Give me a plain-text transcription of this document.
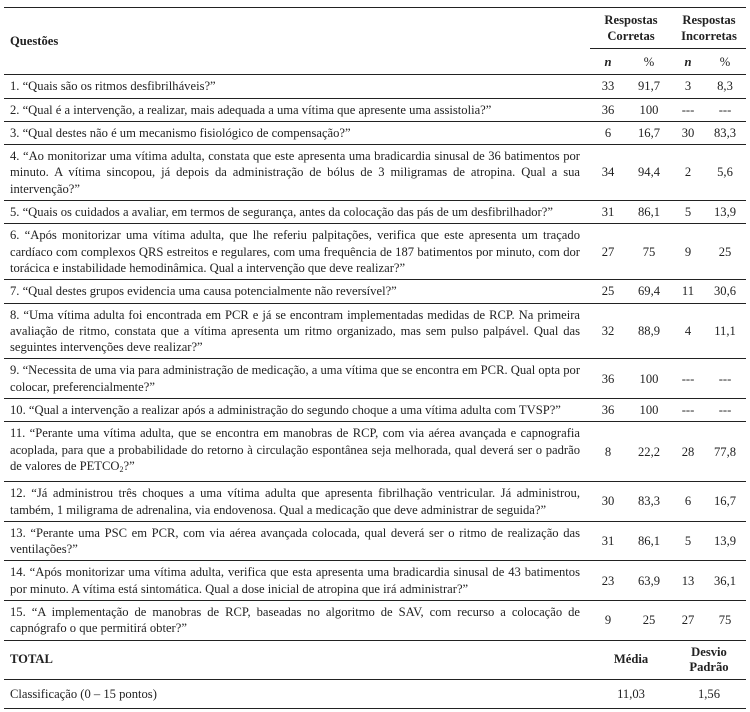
Questões	Respostas Corretas		Respostas Incorretas	
	n	%	n	%
1. “Quais são os ritmos desfibrilháveis?”	33	91,7	3	8,3
2. “Qual é a intervenção, a realizar, mais adequada a uma vítima que apresente uma assistolia?”	36	100	---	---
3. “Qual destes não é um mecanismo fisiológico de compensação?”	6	16,7	30	83,3
4. “Ao monitorizar uma vítima adulta, constata que este apresenta uma bradicardia sinusal de 36 batimentos por minuto. A vítima sincopou, já depois da administração de bólus de 3 miligramas de atropina. Qual a sua intervenção?”	34	94,4	2	5,6
5. “Quais os cuidados a avaliar, em termos de segurança, antes da colocação das pás de um desfibrilhador?”	31	86,1	5	13,9
6. “Após monitorizar uma vítima adulta, que lhe referiu palpitações, verifica que este apresenta um traçado cardíaco com complexos QRS estreitos e regulares, com uma frequência de 187 batimentos por minuto, com dor torácica e instabilidade hemodinâmica. Qual a intervenção que deve realizar?”	27	75	9	25
7. “Qual destes grupos evidencia uma causa potencialmente não reversível?”	25	69,4	11	30,6
8. “Uma vítima adulta foi encontrada em PCR e já se encontram implementadas medidas de RCP. Na primeira avaliação de ritmo, constata que a vítima apresenta um ritmo organizado, mas sem pulso palpável. Qual das seguintes intervenções deve realizar?”	32	88,9	4	11,1
9. “Necessita de uma via para administração de medicação, a uma vítima que se encontra em PCR. Qual opta por colocar, preferencialmente?”	36	100	---	---
10. “Qual a intervenção a realizar após a administração do segundo choque a uma vítima adulta com TVSP?”	36	100	---	---
11. “Perante uma vítima adulta, que se encontra em manobras de RCP, com via aérea avançada e capnografia acoplada, para que a probabilidade do retorno à circulação espontânea seja melhorada, qual deverá ser o padrão de valores de $PETCO_2$?”	8	22,2	28	77,8
12. “Já administrou três choques a uma vítima adulta que apresenta fibrilhação ventricular. Já administrou, também, 1 miligrama de adrenalina, via endovenosa. Qual a medicação que deve administrar de seguida?”	30	83,3	6	16,7
13. “Perante uma PSC em PCR, com via aérea avançada colocada, qual deverá ser o ritmo de realização das ventilações?”	31	86,1	5	13,9
14. “Após monitorizar uma vítima adulta, verifica que esta apresenta uma bradicardia sinusal de 43 batimentos por minuto. A vítima está sintomática. Qual a dose inicial de atropina que irá administrar?”	23	63,9	13	36,1
15. “A implementação de manobras de RCP, baseadas no algoritmo de SAV, com recurso a colocação de capnógrafo o que permitirá obter?”	9	25	27	75
TOTAL	Média		Desvio Padrão	
Classificação (0 – 15 pontos)	11,03		1,56	
